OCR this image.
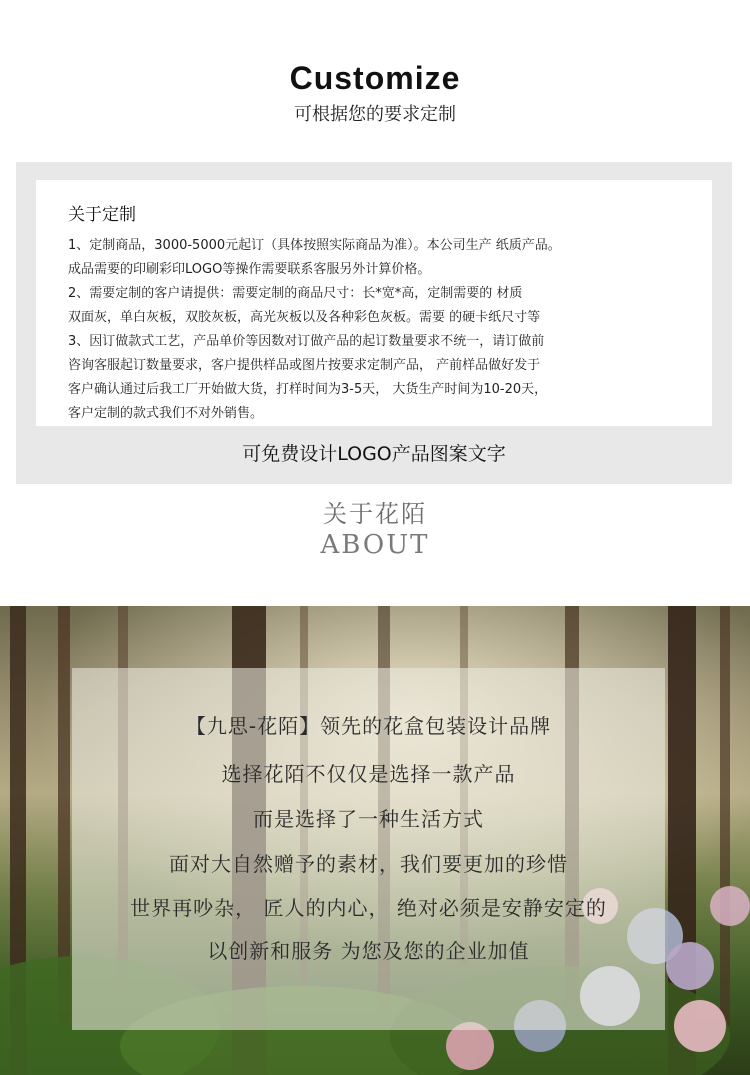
Customize
可根据您的要求定制
关于定制
1、定制商品，3000-5000元起订（具体按照实际商品为准）。本公司生产 纸质产品。
成品需要的印刷彩印LOGO等操作需要联系客服另外计算价格。
2、需要定制的客户请提供：需要定制的商品尺寸：长*宽*高，定制需要的 材质
双面灰，单白灰板，双胶灰板，高光灰板以及各种彩色灰板。需要 的硬卡纸尺寸等
3、因订做款式工艺，产品单价等因数对订做产品的起订数量要求不统一，请订做前
咨询客服起订数量要求，客户提供样品或图片按要求定制产品， 产前样品做好发于
客户确认通过后我工厂开始做大货，打样时间为3-5天， 大货生产时间为10-20天，
客户定制的款式我们不对外销售。
可免费设计LOGO产品图案文字
关于花陌
ABOUT
【九思-花陌】领先的花盒包装设计品牌
选择花陌不仅仅是选择一款产品
而是选择了一种生活方式
面对大自然赠予的素材，我们要更加的珍惜
世界再吵杂， 匠人的内心， 绝对必须是安静安定的
以创新和服务 为您及您的企业加值
